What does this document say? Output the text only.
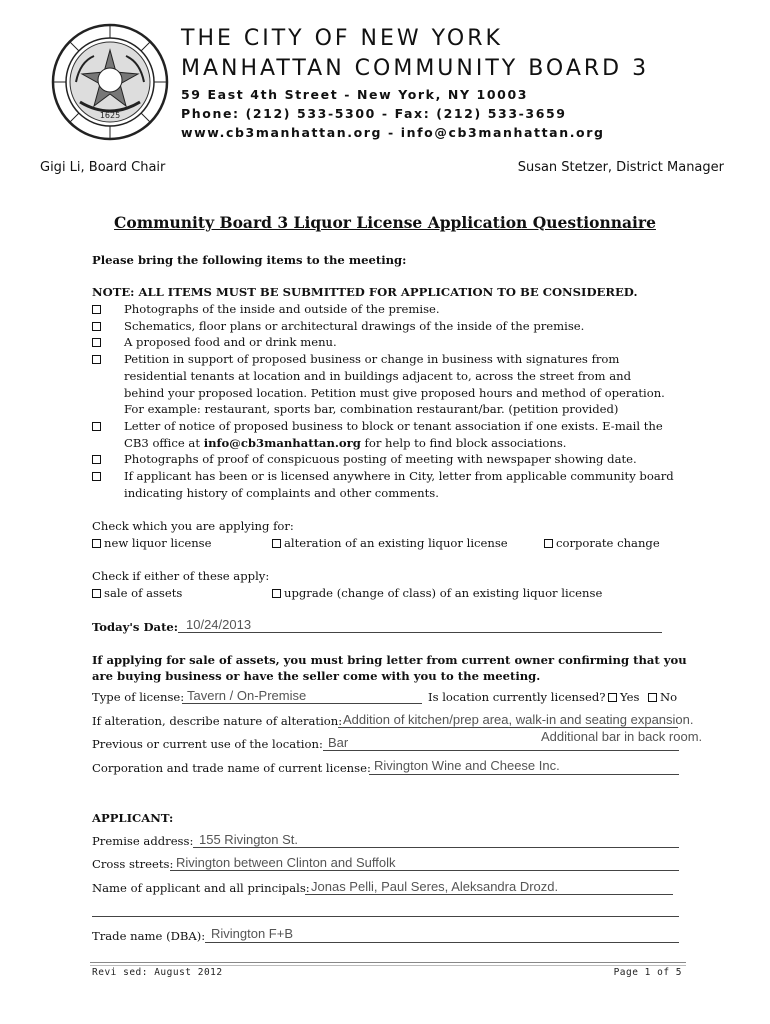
1625
THE CITY OF NEW YORK
MANHATTAN COMMUNITY BOARD 3
59 East 4th Street - New York, NY 10003
Phone: (212) 533-5300 - Fax: (212) 533-3659
www.cb3manhattan.org - info@cb3manhattan.org
Gigi Li, Board Chair	Susan Stetzer, District Manager
Community Board 3 Liquor License Application Questionnaire
Please bring the following items to the meeting:
NOTE: ALL ITEMS MUST BE SUBMITTED FOR APPLICATION TO BE CONSIDERED.
Photographs of the inside and outside of the premise.
Schematics, floor plans or architectural drawings of the inside of the premise.
A proposed food and or drink menu.
Petition in support of proposed business or change in business with signatures from residential tenants at location and in buildings adjacent to, across the street from and behind your proposed location. Petition must give proposed hours and method of operation. For example: restaurant, sports bar, combination restaurant/bar. (petition provided)
Letter of notice of proposed business to block or tenant association if one exists. E-mail the CB3 office at info@cb3manhattan.org for help to find block associations.
Photographs of proof of conspicuous posting of meeting with newspaper showing date.
If applicant has been or is licensed anywhere in City, letter from applicable community board indicating history of complaints and other comments.
Check which you are applying for:
new liquor license	alteration of an existing liquor license	corporate change
Check if either of these apply:
sale of assets	upgrade (change of class) of an existing liquor license
Today's Date: 10/24/2013
If applying for sale of assets, you must bring letter from current owner confirming that you
are buying business or have the seller come with you to the meeting.
Type of license: Tavern / On-Premise	Is location currently licensed?	Yes	No
If alteration, describe nature of alteration: Addition of kitchen/prep area, walk-in and seating expansion.
Additional bar in back room.
Previous or current use of the location: Bar
Corporation and trade name of current license: Rivington Wine and Cheese Inc.
APPLICANT:
Premise address: 155 Rivington St.
Cross streets: Rivington between Clinton and Suffolk
Name of applicant and all principals: Jonas Pelli, Paul Seres, Aleksandra Drozd.
Trade name (DBA): Rivington F+B
Revi sed: August 2012	Page 1 of 5
